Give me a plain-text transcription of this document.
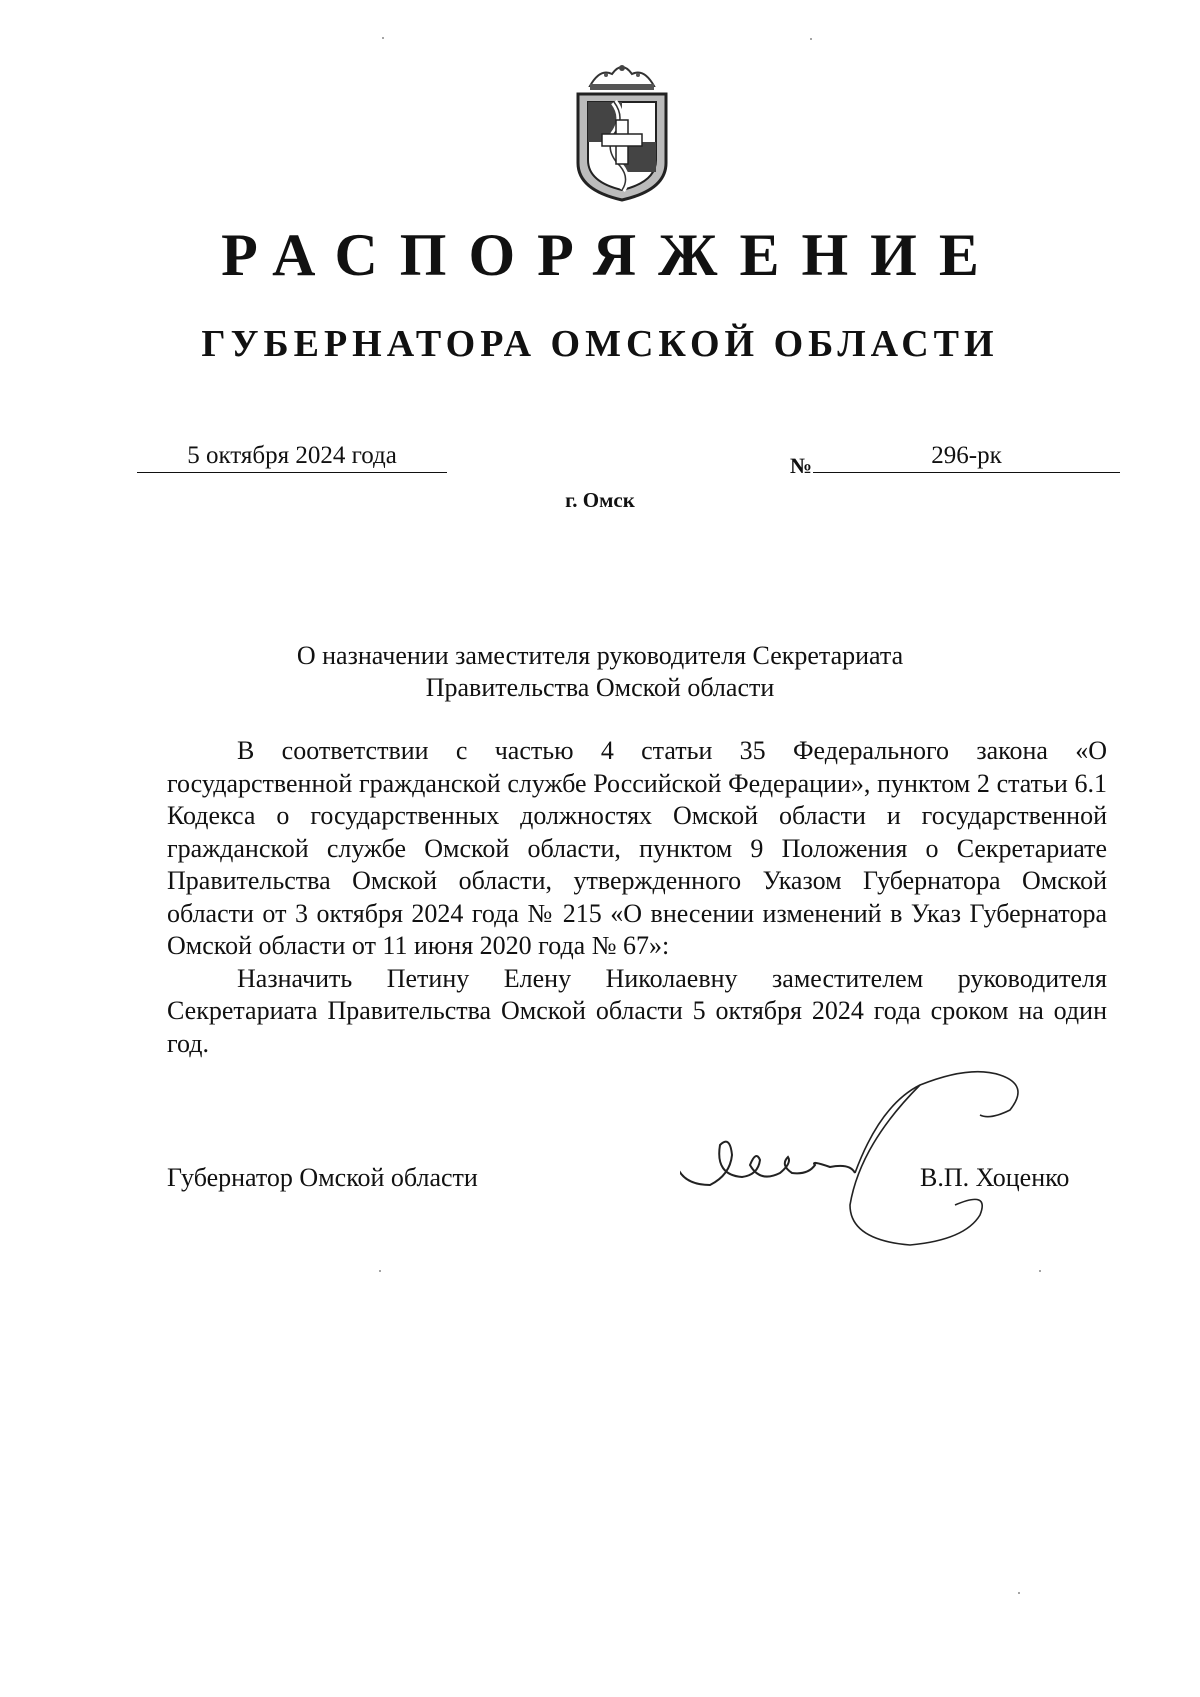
РАСПОРЯЖЕНИЕ
ГУБЕРНАТОРА ОМСКОЙ ОБЛАСТИ
5 октября 2024 года	№	296-рк
г. Омск
О назначении заместителя руководителя Секретариата
Правительства Омской области

В соответствии с частью 4 статьи 35 Федерального закона «О государственной гражданской службе Российской Федерации», пунктом 2 статьи 6.1 Кодекса о государственных должностях Омской области и государственной гражданской службе Омской области, пунктом 9 Положения о Секретариате Правительства Омской области, утвержденного Указом Губернатора Омской области от 3 октября 2024 года № 215 «О внесении изменений в Указ Губернатора Омской области от 11 июня 2020 года № 67»:

Назначить Петину Елену Николаевну заместителем руководителя Секретариата Правительства Омской области 5 октября 2024 года сроком на один год.

Губернатор Омской области	В.П. Хоценко
